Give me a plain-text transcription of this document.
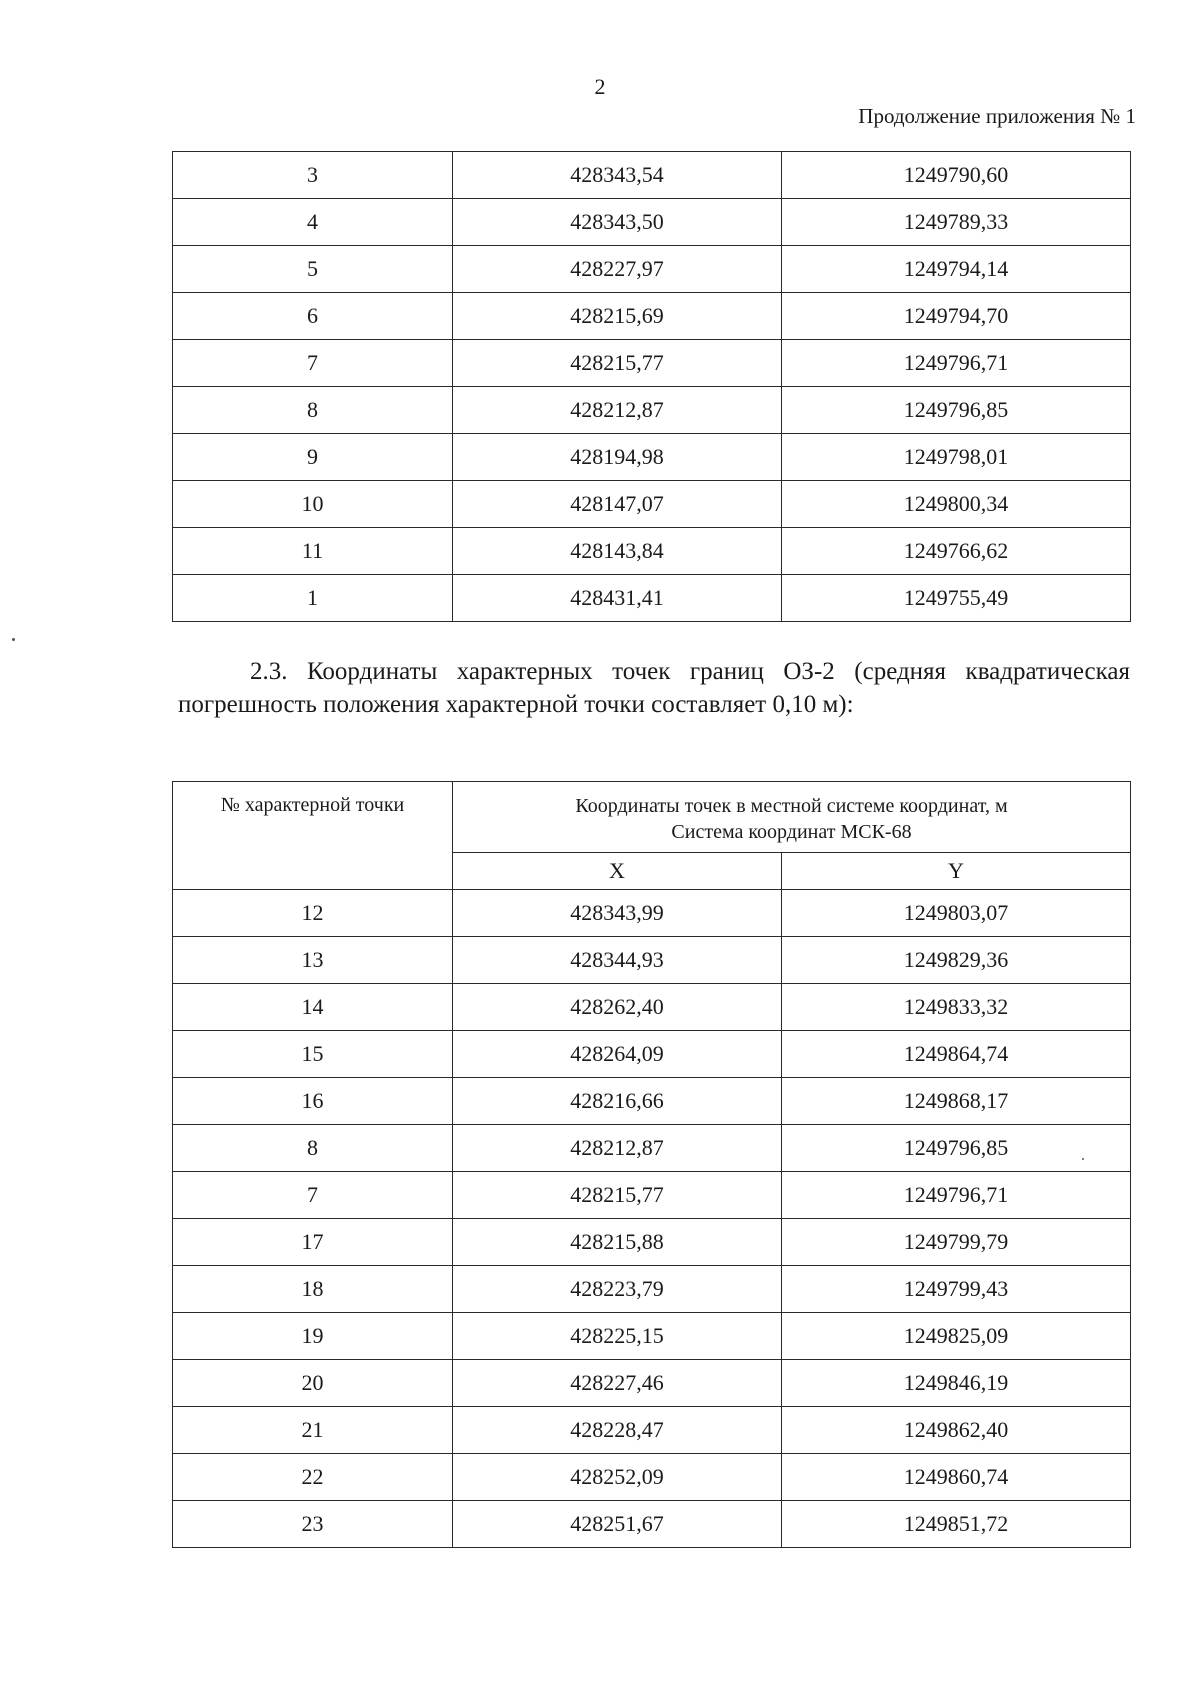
2
Продолжение приложения № 1
3	428343,54	1249790,60
4	428343,50	1249789,33
5	428227,97	1249794,14
6	428215,69	1249794,70
7	428215,77	1249796,71
8	428212,87	1249796,85
9	428194,98	1249798,01
10	428147,07	1249800,34
11	428143,84	1249766,62
1	428431,41	1249755,49
2.3. Координаты характерных точек границ ОЗ-2 (средняя квадратическая погрешность положения характерной точки составляет 0,10 м):
№ характерной точки	Координаты точек в местной системе координат, м
Система координат МСК-68	

	X	Y
12	428343,99	1249803,07
13	428344,93	1249829,36
14	428262,40	1249833,32
15	428264,09	1249864,74
16	428216,66	1249868,17
8	428212,87	1249796,85
7	428215,77	1249796,71
17	428215,88	1249799,79
18	428223,79	1249799,43
19	428225,15	1249825,09
20	428227,46	1249846,19
21	428228,47	1249862,40
22	428252,09	1249860,74
23	428251,67	1249851,72
